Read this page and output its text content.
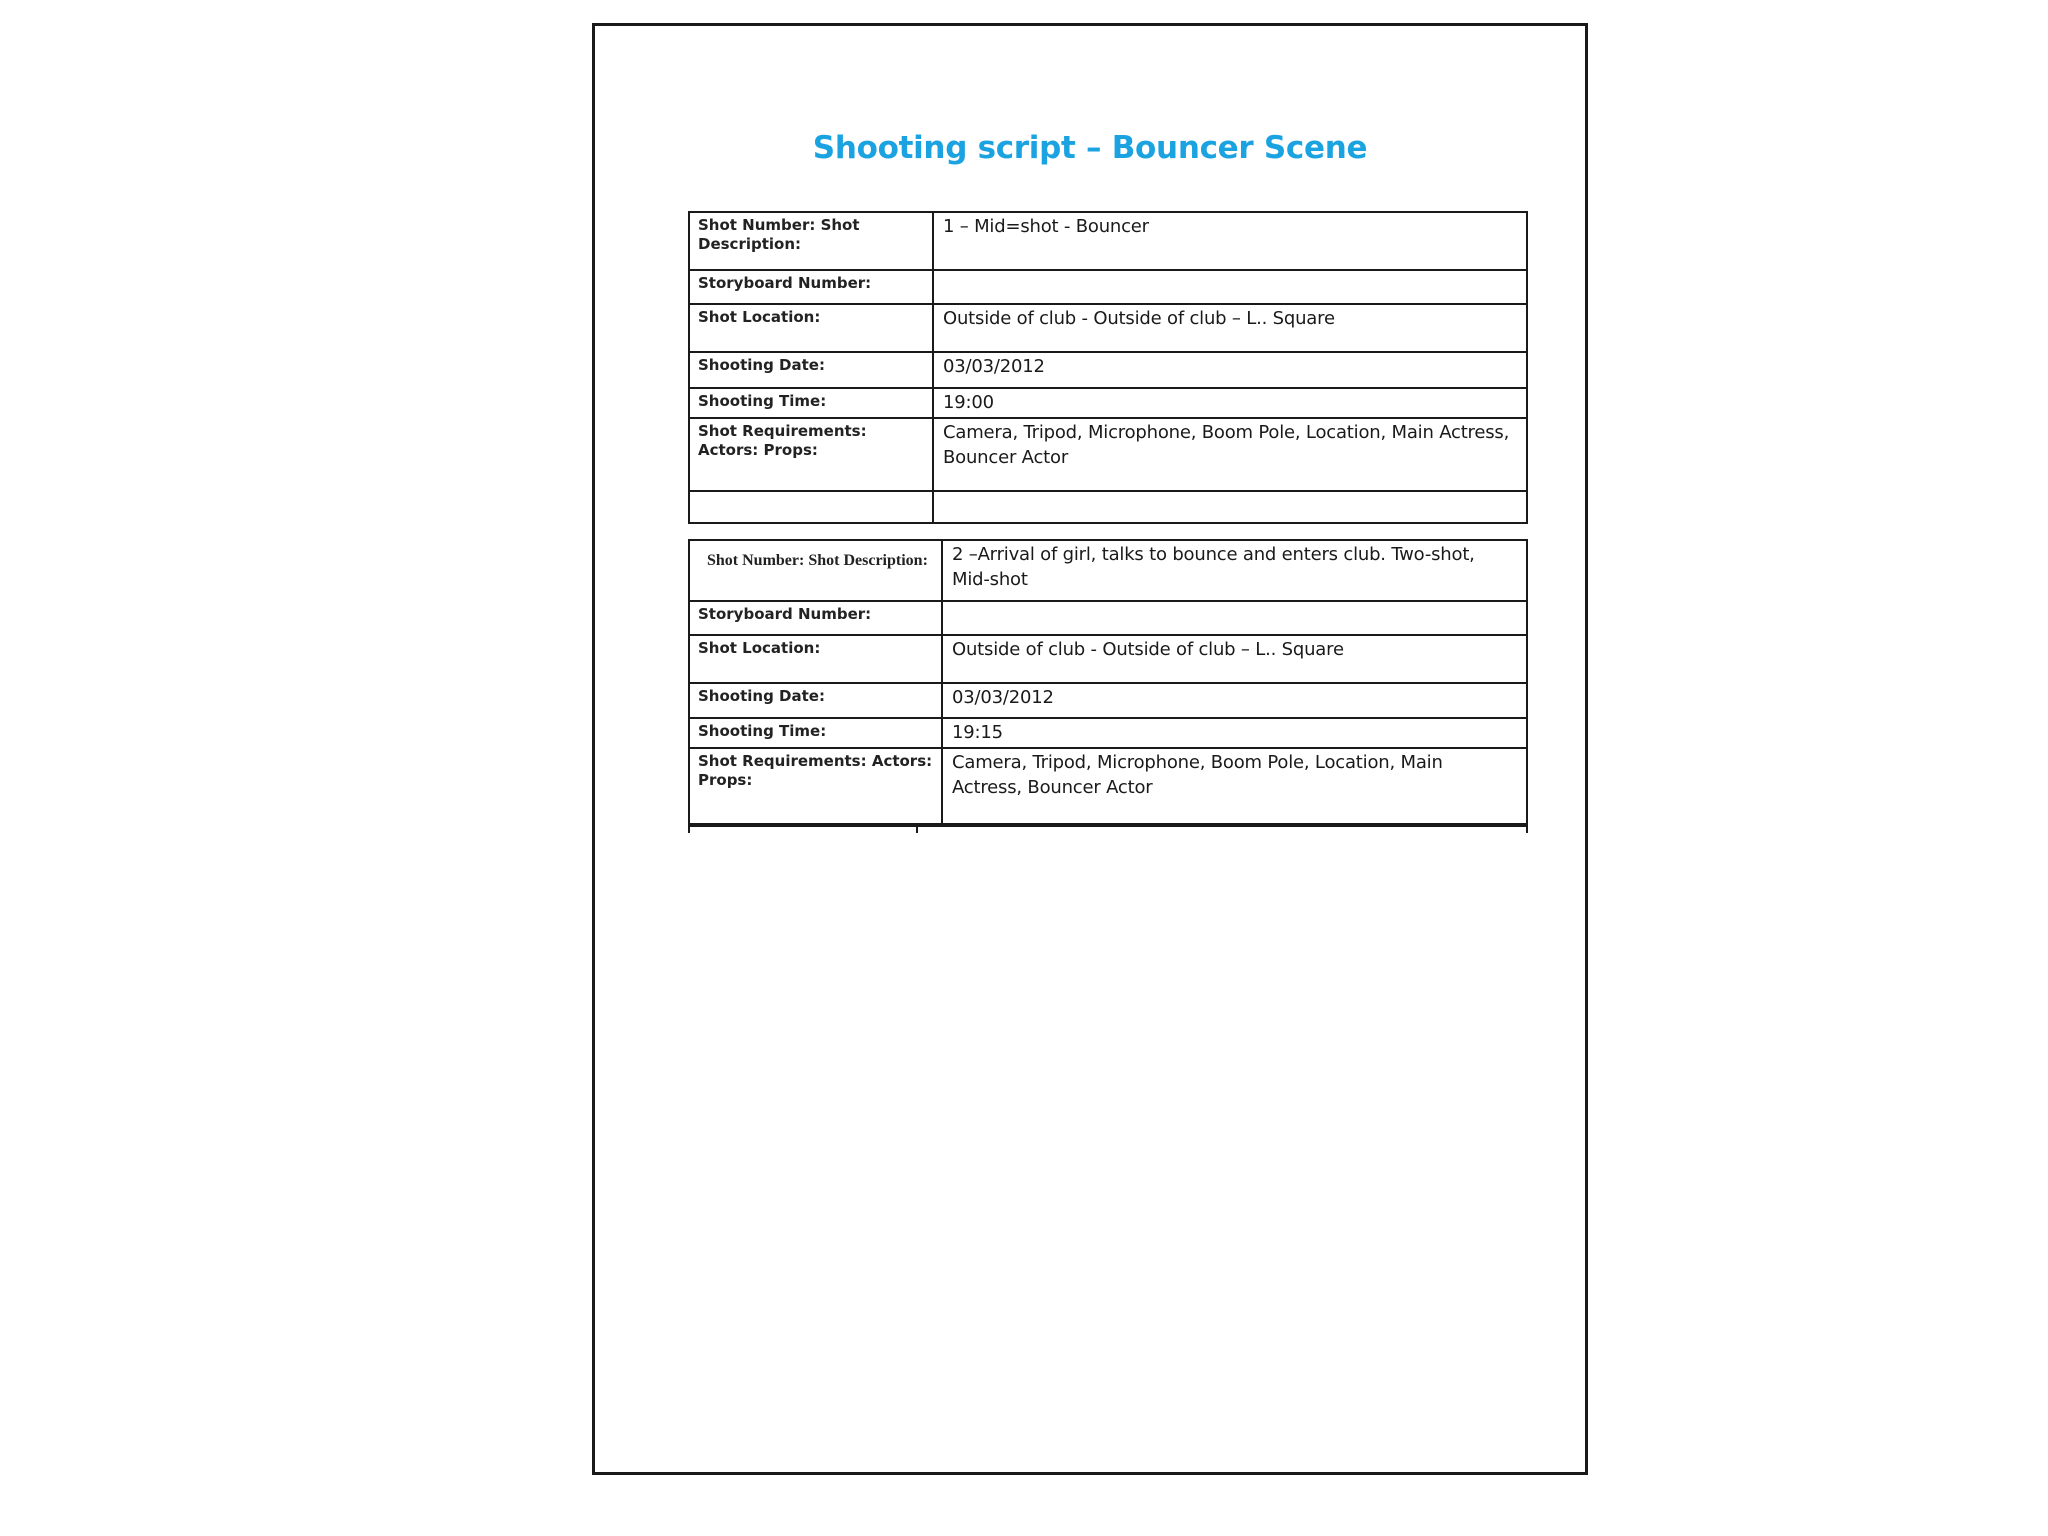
Shooting script – Bouncer Scene
Shot Number: Shot Description:	1 – Mid=shot - Bouncer
Storyboard Number:	
Shot Location:	Outside of club - Outside of club – L.. Square
Shooting Date:	03/03/2012
Shooting Time:	19:00
Shot Requirements: Actors: Props:	Camera, Tripod, Microphone, Boom Pole, Location, Main Actress, Bouncer Actor

Shot Number: Shot Description:	2 –Arrival of girl, talks to bounce and enters club. Two-shot, Mid-shot
Storyboard Number:	
Shot Location:	Outside of club - Outside of club – L.. Square
Shooting Date:	03/03/2012
Shooting Time:	19:15
Shot Requirements: Actors: Props:	Camera, Tripod, Microphone, Boom Pole, Location, Main Actress, Bouncer Actor
